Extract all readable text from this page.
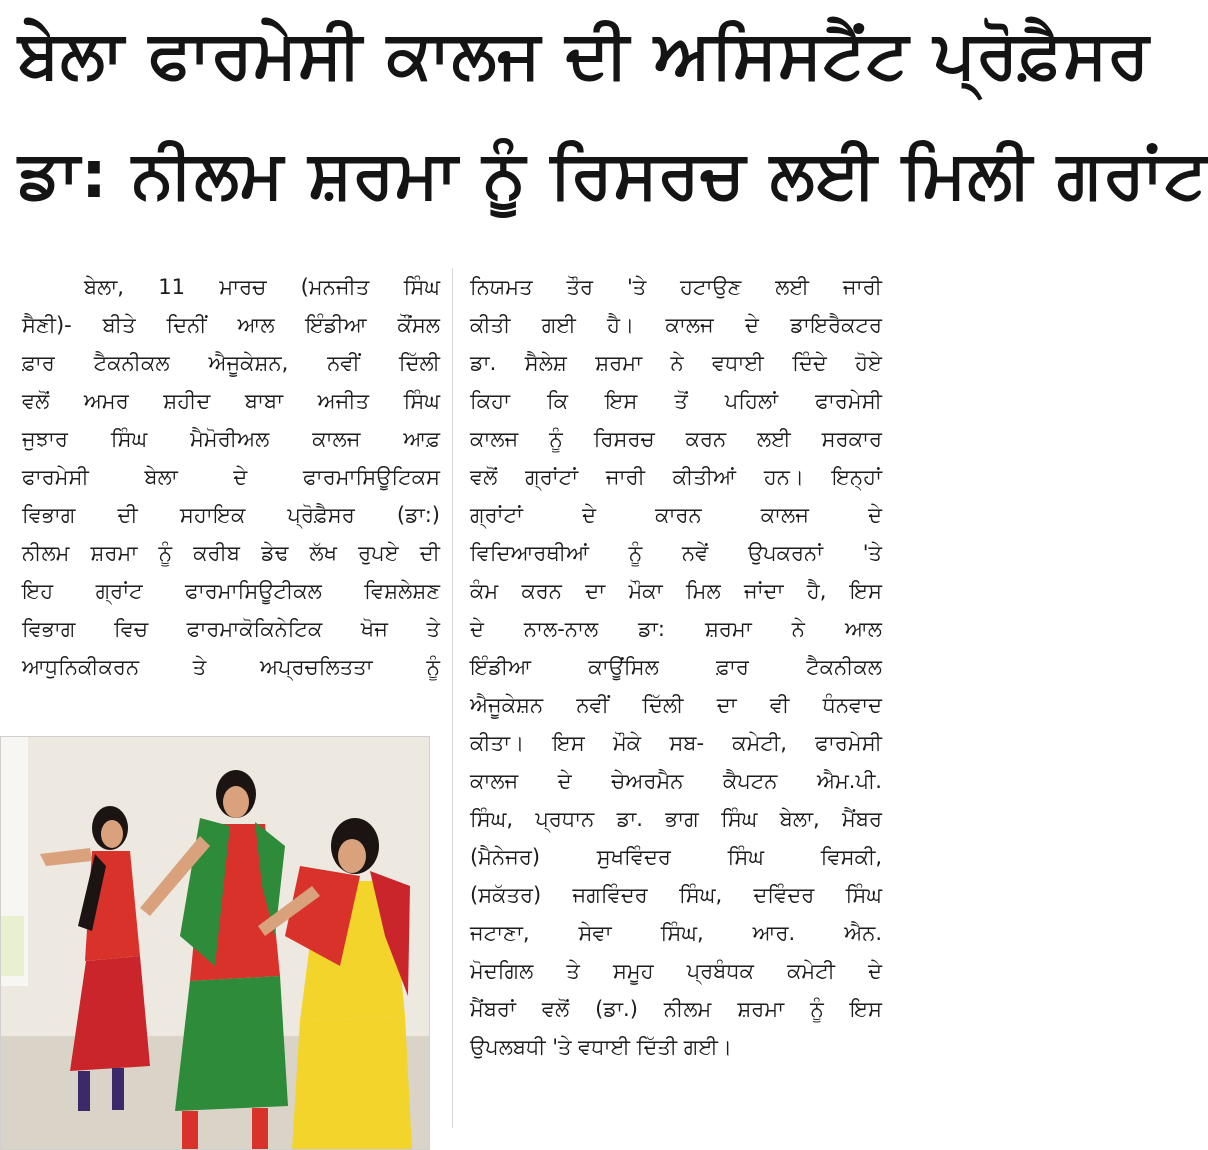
ਬੇਲਾ ਫਾਰਮੇਸੀ ਕਾਲਜ ਦੀ ਅਸਿਸਟੈਂਟ ਪ੍ਰੋਫ਼ੈਸਰ
ਡਾ: ਨੀਲਮ ਸ਼ਰਮਾ ਨੂੰ ਰਿਸਰਚ ਲਈ ਮਿਲੀ ਗਰਾਂਟ
ਬੇਲਾ, 11 ਮਾਰਚ (ਮਨਜੀਤ ਸਿੰਘ
ਸੈਣੀ)- ਬੀਤੇ ਦਿਨੀਂ ਆਲ ਇੰਡੀਆ ਕੌਂਸਲ
ਫ਼ਾਰ ਟੈਕਨੀਕਲ ਐਜੂਕੇਸ਼ਨ, ਨਵੀਂ ਦਿੱਲੀ
ਵਲੋਂ ਅਮਰ ਸ਼ਹੀਦ ਬਾਬਾ ਅਜੀਤ ਸਿੰਘ
ਜੁਝਾਰ ਸਿੰਘ ਮੈਮੋਰੀਅਲ ਕਾਲਜ ਆਫ਼
ਫਾਰਮੇਸੀ ਬੇਲਾ ਦੇ ਫਾਰਮਾਸਿਊਟਿਕਸ
ਵਿਭਾਗ ਦੀ ਸਹਾਇਕ ਪ੍ਰੋਫ਼ੈਸਰ (ਡਾ:)
ਨੀਲਮ ਸ਼ਰਮਾ ਨੂੰ ਕਰੀਬ ਡੇਢ ਲੱਖ ਰੁਪਏ ਦੀ
ਇਹ ਗ੍ਰਾਂਟ ਫਾਰਮਾਸਿਊਟੀਕਲ ਵਿਸ਼ਲੇਸ਼ਣ
ਵਿਭਾਗ ਵਿਚ ਫਾਰਮਾਕੋਕਿਨੇਟਿਕ ਖੋਜ ਤੇ
ਆਧੁਨਿਕੀਕਰਨ ਤੇ ਅਪ੍ਰਚਲਿਤਤਾ ਨੂੰ
ਨਿਯਮਤ ਤੌਰ 'ਤੇ ਹਟਾਉਣ ਲਈ ਜਾਰੀ
ਕੀਤੀ ਗਈ ਹੈ। ਕਾਲਜ ਦੇ ਡਾਇਰੈਕਟਰ
ਡਾ. ਸੈਲੇਸ਼ ਸ਼ਰਮਾ ਨੇ ਵਧਾਈ ਦਿੰਦੇ ਹੋਏ
ਕਿਹਾ ਕਿ ਇਸ ਤੋਂ ਪਹਿਲਾਂ ਫਾਰਮੇਸੀ
ਕਾਲਜ ਨੂੰ ਰਿਸਰਚ ਕਰਨ ਲਈ ਸਰਕਾਰ
ਵਲੋਂ ਗ੍ਰਾਂਟਾਂ ਜਾਰੀ ਕੀਤੀਆਂ ਹਨ। ਇਨ੍ਹਾਂ
ਗ੍ਰਾਂਟਾਂ ਦੇ ਕਾਰਨ ਕਾਲਜ ਦੇ
ਵਿਦਿਆਰਥੀਆਂ ਨੂੰ ਨਵੇਂ ਉਪਕਰਨਾਂ 'ਤੇ
ਕੰਮ ਕਰਨ ਦਾ ਮੌਕਾ ਮਿਲ ਜਾਂਦਾ ਹੈ, ਇਸ
ਦੇ ਨਾਲ-ਨਾਲ ਡਾ: ਸ਼ਰਮਾ ਨੇ ਆਲ
ਇੰਡੀਆ ਕਾਊਂਸਿਲ ਫ਼ਾਰ ਟੈਕਨੀਕਲ
ਐਜੂਕੇਸ਼ਨ ਨਵੀਂ ਦਿੱਲੀ ਦਾ ਵੀ ਧੰਨਵਾਦ
ਕੀਤਾ। ਇਸ ਮੌਕੇ ਸਬ- ਕਮੇਟੀ, ਫਾਰਮੇਸੀ
ਕਾਲਜ ਦੇ ਚੇਅਰਮੈਨ ਕੈਪਟਨ ਐਮ.ਪੀ.
ਸਿੰਘ, ਪ੍ਰਧਾਨ ਡਾ. ਭਾਗ ਸਿੰਘ ਬੇਲਾ, ਮੈਂਬਰ
(ਮੈਨੇਜਰ) ਸੁਖਵਿੰਦਰ ਸਿੰਘ ਵਿਸਕੀ,
(ਸਕੱਤਰ) ਜਗਵਿੰਦਰ ਸਿੰਘ, ਦਵਿੰਦਰ ਸਿੰਘ
ਜਟਾਣਾ, ਸੇਵਾ ਸਿੰਘ, ਆਰ. ਐਨ.
ਮੋਦਗਿਲ ਤੇ ਸਮੂਹ ਪ੍ਰਬੰਧਕ ਕਮੇਟੀ ਦੇ
ਮੈਂਬਰਾਂ ਵਲੋਂ (ਡਾ.) ਨੀਲਮ ਸ਼ਰਮਾ ਨੂੰ ਇਸ
ਉਪਲਬਧੀ 'ਤੇ ਵਧਾਈ ਦਿੱਤੀ ਗਈ।
